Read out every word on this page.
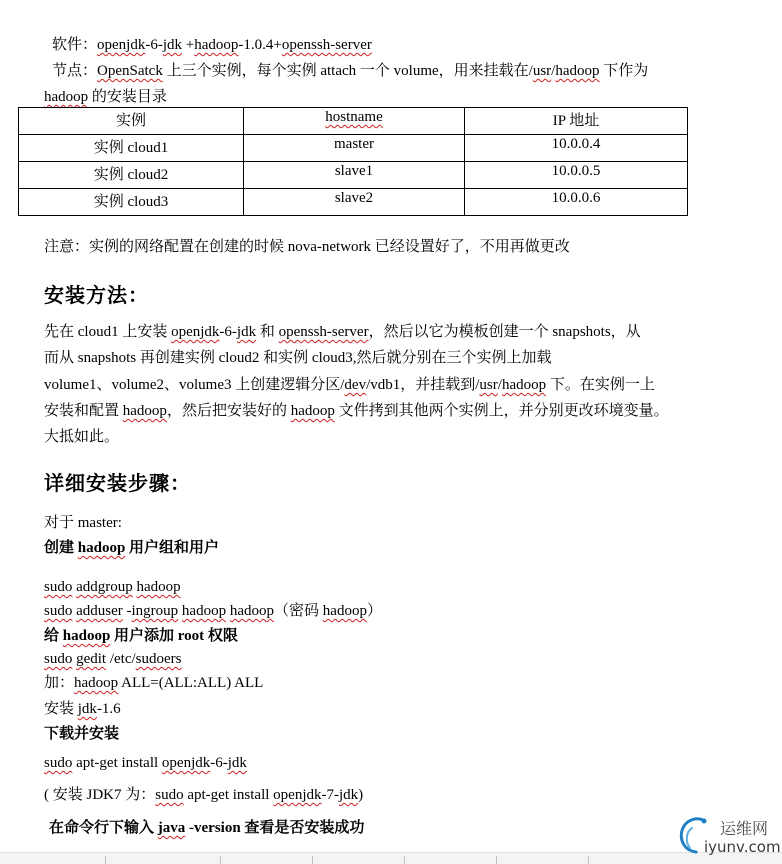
软件：openjdk-6-jdk +hadoop-1.0.4+openssh-server
节点：OpenSatck 上三个实例，每个实例 attach 一个 volume，用来挂载在/usr/hadoop 下作为
hadoop 的安装目录
实例	hostname	IP 地址
实例 cloud1	master	10.0.0.4
实例 cloud2	slave1	10.0.0.5
实例 cloud3	slave2	10.0.0.6
注意：实例的网络配置在创建的时候 nova-network 已经设置好了，不用再做更改
安装方法：
先在 cloud1 上安装 openjdk-6-jdk 和 openssh-server，然后以它为模板创建一个 snapshots，从
而从 snapshots 再创建实例 cloud2 和实例 cloud3,然后就分别在三个实例上加载
volume1、volume2、volume3 上创建逻辑分区/dev/vdb1，并挂载到/usr/hadoop 下。在实例一上
安装和配置 hadoop，然后把安装好的 hadoop 文件拷到其他两个实例上，并分别更改环境变量。
大抵如此。
详细安装步骤：
对于 master:
创建 hadoop 用户组和用户
sudo addgroup hadoop
sudo adduser -ingroup hadoop hadoop（密码 hadoop）
给 hadoop 用户添加 root 权限
sudo gedit /etc/sudoers
加：hadoop ALL=(ALL:ALL) ALL
安装 jdk-1.6
下载并安装
sudo apt-get install openjdk-6-jdk
( 安装 JDK7 为：sudo apt-get install openjdk-7-jdk)
在命令行下输入 java -version 查看是否安装成功	运维网
iyunv.com
